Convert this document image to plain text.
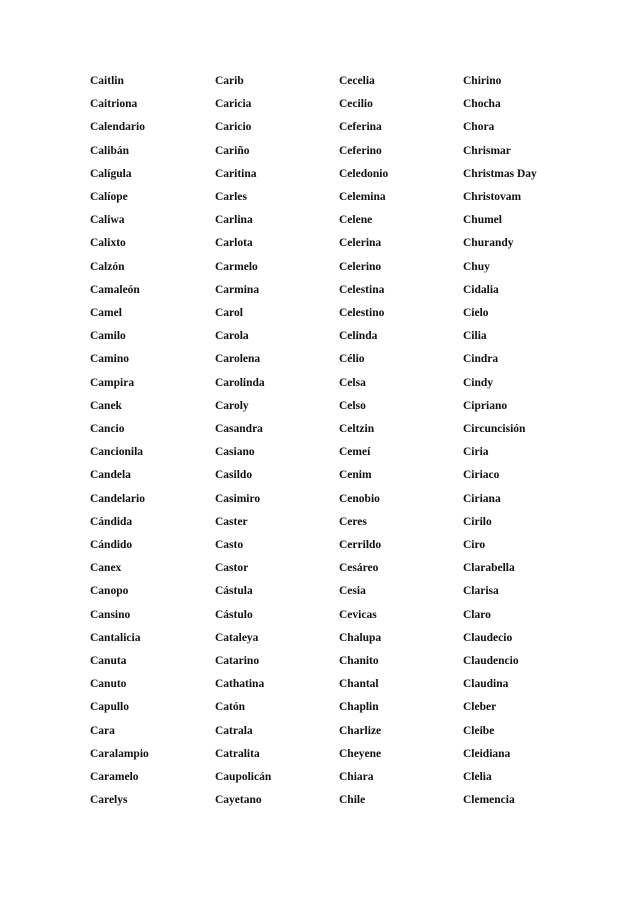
Caitlin	Carib	Cecelia	Chirino
Caitriona	Caricia	Cecilio	Chocha
Calendario	Caricio	Ceferina	Chora
Calibán	Cariño	Ceferino	Chrismar
Calígula	Caritina	Celedonio	Christmas Day
Calíope	Carles	Celemina	Christovam
Caliwa	Carlina	Celene	Chumel
Calixto	Carlota	Celerina	Churandy
Calzón	Carmelo	Celerino	Chuy
Camaleón	Carmina	Celestina	Cidalia
Camel	Carol	Celestino	Cielo
Camilo	Carola	Celinda	Cilia
Camino	Carolena	Célio	Cindra
Campira	Carolinda	Celsa	Cindy
Canek	Caroly	Celso	Cipriano
Cancio	Casandra	Celtzin	Circuncisión
Cancionila	Casiano	Cemeí	Ciria
Candela	Casildo	Cenim	Ciriaco
Candelario	Casimiro	Cenobio	Ciriana
Cándida	Caster	Ceres	Cirilo
Cándido	Casto	Cerrildo	Ciro
Canex	Castor	Cesáreo	Clarabella
Canopo	Cástula	Cesia	Clarisa
Cansino	Cástulo	Cevicas	Claro
Cantalicia	Cataleya	Chalupa	Claudecio
Canuta	Catarino	Chanito	Claudencio
Canuto	Cathatina	Chantal	Claudina
Capullo	Catón	Chaplin	Cleber
Cara	Catrala	Charlize	Cleibe
Caralampio	Catralita	Cheyene	Cleidiana
Caramelo	Caupolicán	Chiara	Clelia
Carelys	Cayetano	Chile	Clemencia
